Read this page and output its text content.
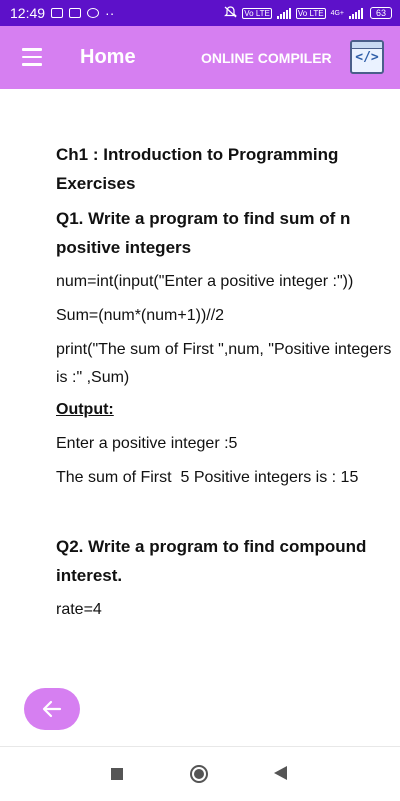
12:49	··	Vo LTE	Vo LTE 4G+	63
Home	ONLINE COMPILER </>

Ch1 : Introduction to Programming Exercises

Q1. Write a program to find sum of n positive integers

num=int(input("Enter a positive integer :"))

Sum=(num*(num+1))//2

print("The sum of First ",num, "Positive integers is :" ,Sum)

Output:

Enter a positive integer :5

The sum of First  5 Positive integers is : 15

Q2. Write a program to find compound interest.

rate=4
